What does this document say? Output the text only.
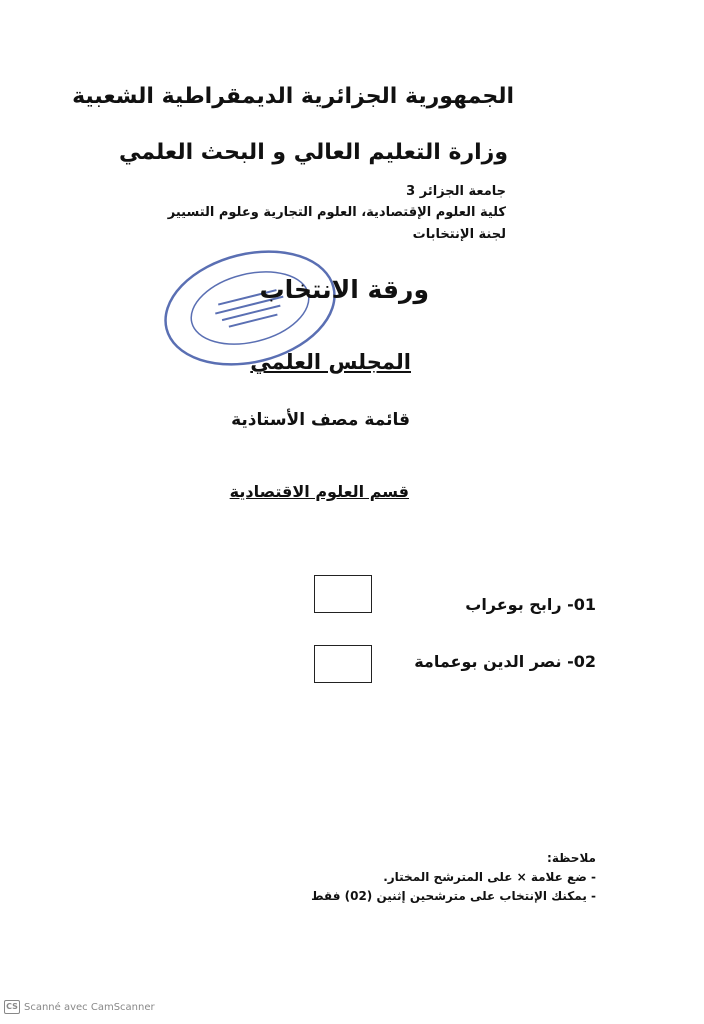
الجمهورية الجزائرية الديمقراطية الشعبية
وزارة التعليم العالي و البحث العلمي
جامعة الجزائر 3
كلية العلوم الإقتصادية، العلوم التجارية وعلوم التسيير
لجنة الإنتخابات
ورقة الانتخاب
المجلس العلمي
قائمة مصف الأستاذية
قسم العلوم الاقتصادية
01- رابح بوعراب
02- نصر الدين بوعمامة
ملاحظة:
- ضع علامة × على المترشح المختار.
- يمكنك الإنتخاب على مترشحين إثنين (02) فقط
CS Scanné avec CamScanner
